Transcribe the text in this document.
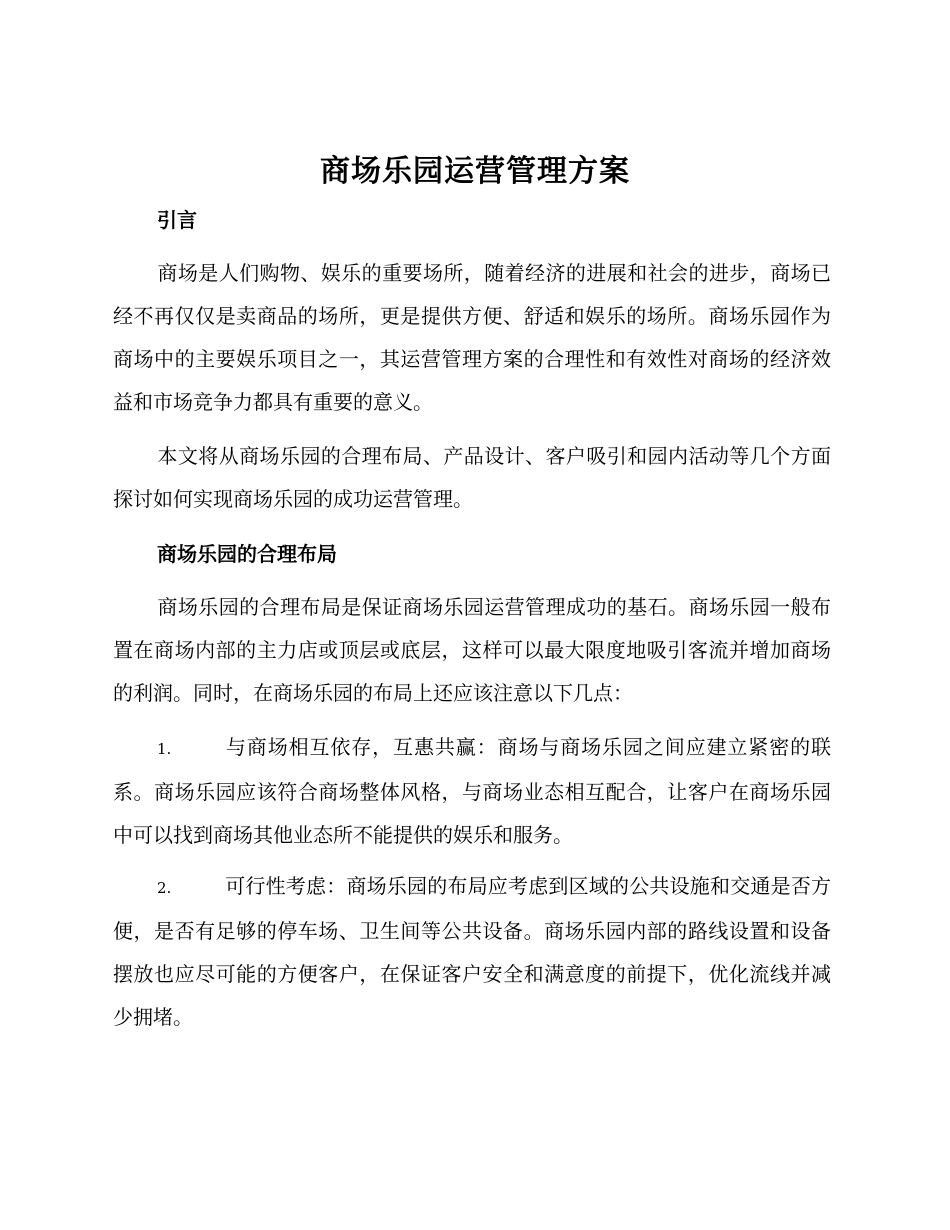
商场乐园运营管理方案
引言
商场是人们购物、娱乐的重要场所，随着经济的进展和社会的进步，商场已经不再仅仅是卖商品的场所，更是提供方便、舒适和娱乐的场所。商场乐园作为商场中的主要娱乐项目之一，其运营管理方案的合理性和有效性对商场的经济效益和市场竞争力都具有重要的意义。
本文将从商场乐园的合理布局、产品设计、客户吸引和园内活动等几个方面探讨如何实现商场乐园的成功运营管理。
商场乐园的合理布局
商场乐园的合理布局是保证商场乐园运营管理成功的基石。商场乐园一般布置在商场内部的主力店或顶层或底层，这样可以最大限度地吸引客流并增加商场的利润。同时，在商场乐园的布局上还应该注意以下几点：
1.	与商场相互依存，互惠共赢：商场与商场乐园之间应建立紧密的联系。商场乐园应该符合商场整体风格，与商场业态相互配合，让客户在商场乐园中可以找到商场其他业态所不能提供的娱乐和服务。
2.	可行性考虑：商场乐园的布局应考虑到区域的公共设施和交通是否方便，是否有足够的停车场、卫生间等公共设备。商场乐园内部的路线设置和设备摆放也应尽可能的方便客户，在保证客户安全和满意度的前提下，优化流线并减少拥堵。
